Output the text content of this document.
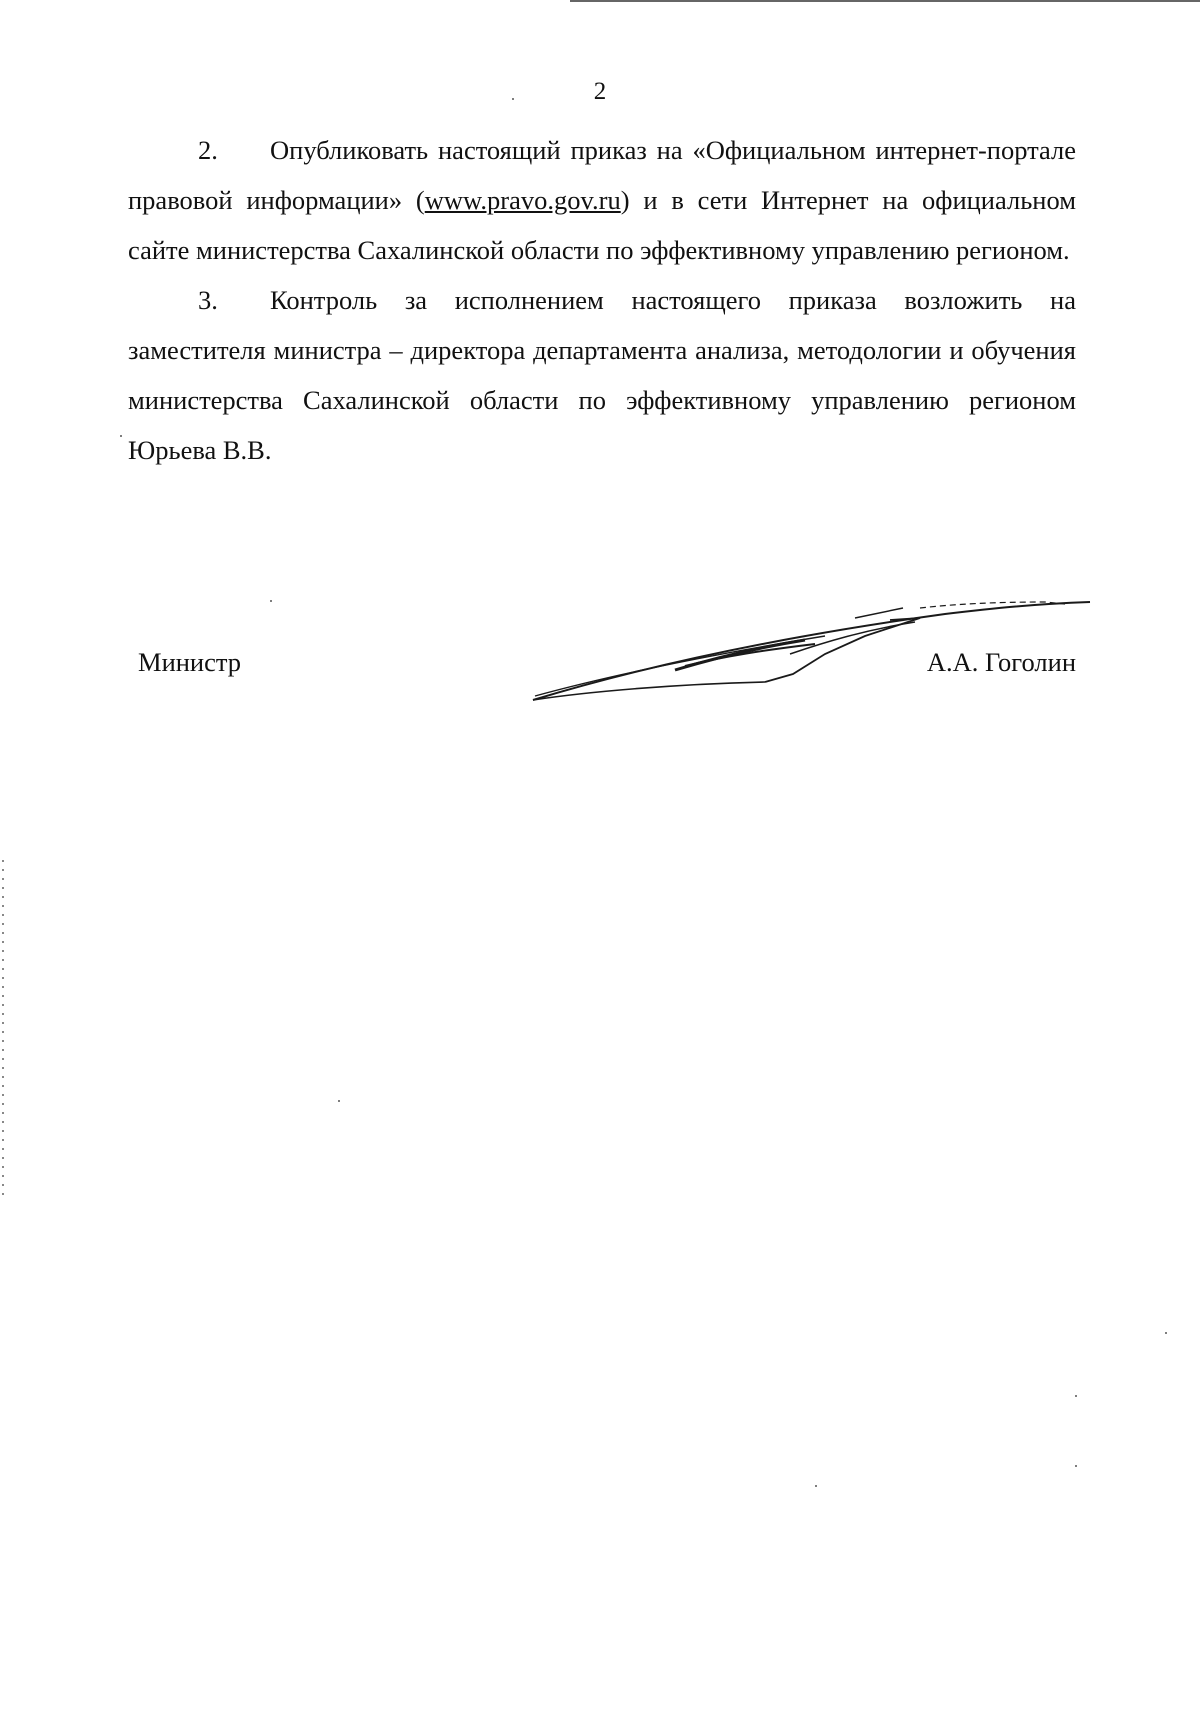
2

2. Опубликовать настоящий приказ на «Официальном интернет-портале правовой информации» (www.pravo.gov.ru) и в сети Интернет на официальном сайте министерства Сахалинской области по эффективному управлению регионом.

3. Контроль за исполнением настоящего приказа возложить на заместителя министра – директора департамента анализа, методологии и обучения министерства Сахалинской области по эффективному управлению регионом Юрьева В.В.

Министр	А.А. Гоголин
